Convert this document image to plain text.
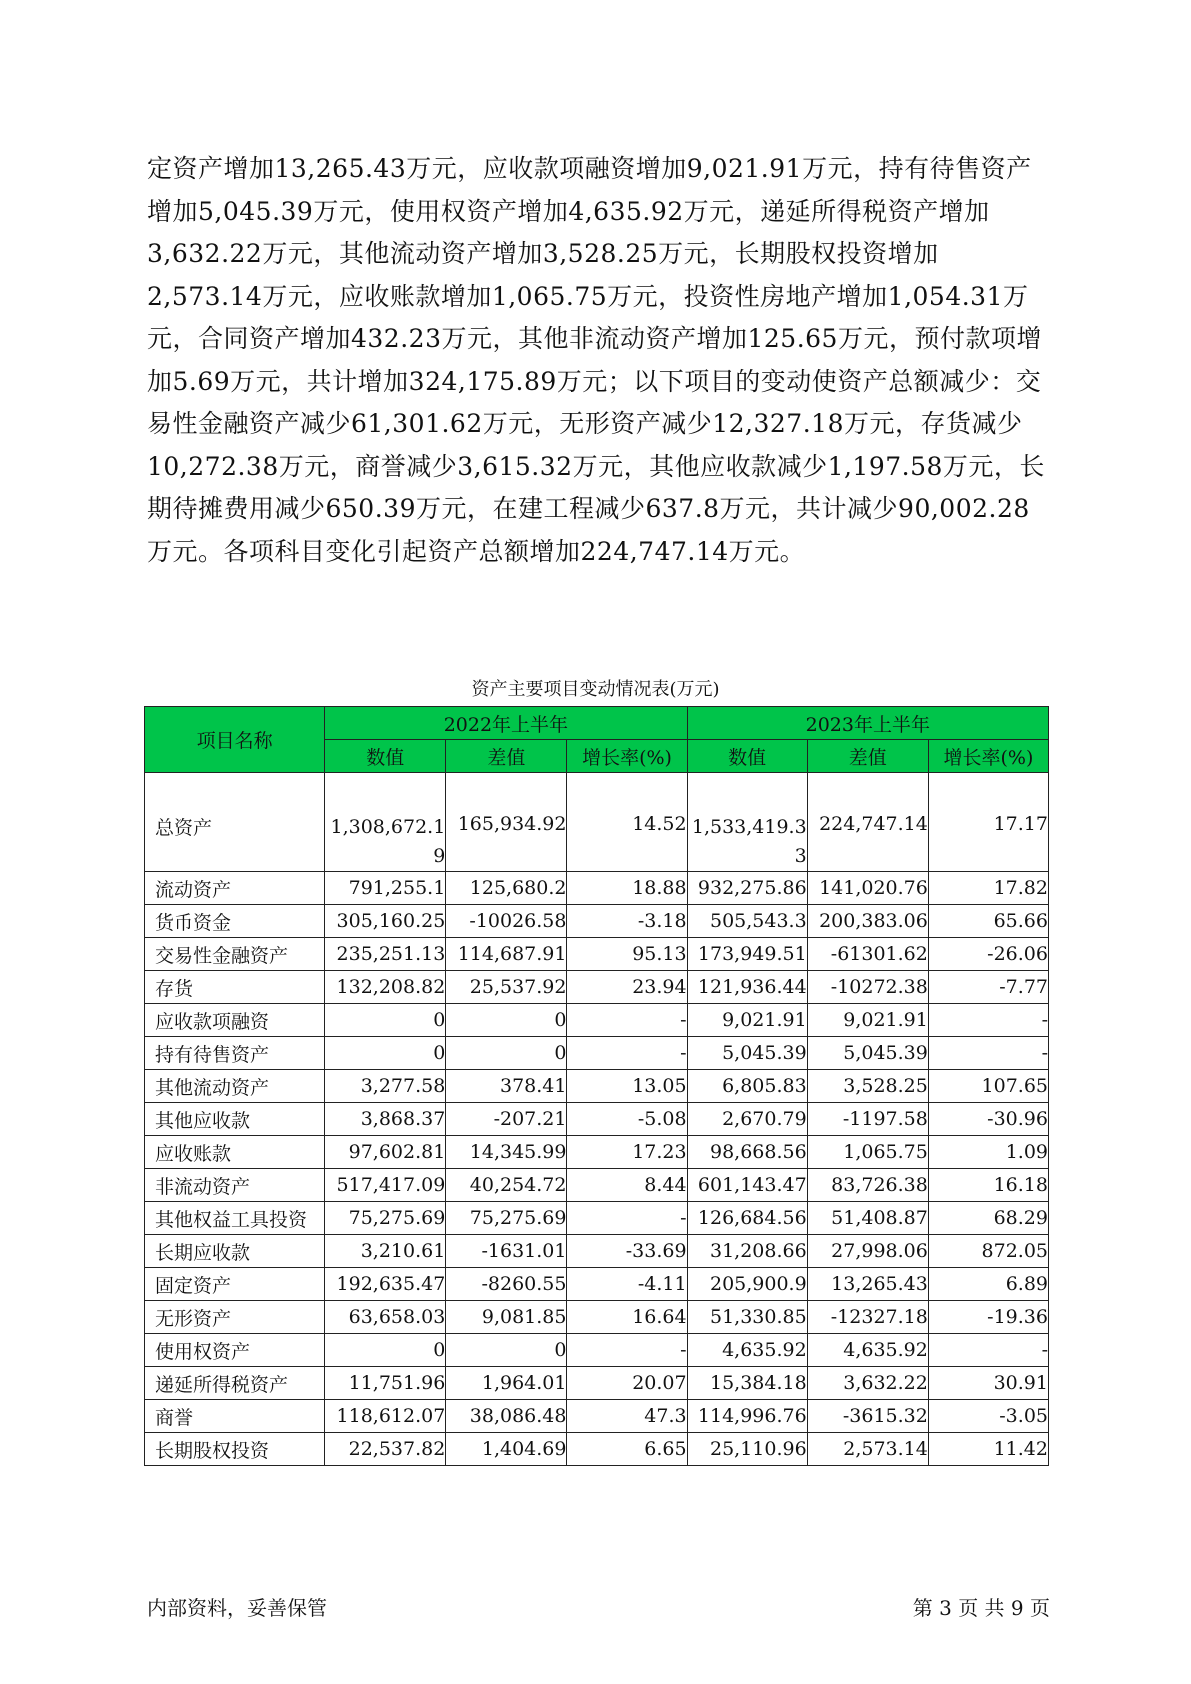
定资产增加13,265.43万元，应收款项融资增加9,021.91万元，持有待售资产增加5,045.39万元，使用权资产增加4,635.92万元，递延所得税资产增加3,632.22万元，其他流动资产增加3,528.25万元，长期股权投资增加2,573.14万元，应收账款增加1,065.75万元，投资性房地产增加1,054.31万元，合同资产增加432.23万元，其他非流动资产增加125.65万元，预付款项增加5.69万元，共计增加324,175.89万元；以下项目的变动使资产总额减少：交易性金融资产减少61,301.62万元，无形资产减少12,327.18万元，存货减少10,272.38万元，商誉减少3,615.32万元，其他应收款减少1,197.58万元，长期待摊费用减少650.39万元，在建工程减少637.8万元，共计减少90,002.28万元。各项科目变化引起资产总额增加224,747.14万元。

资产主要项目变动情况表(万元)
项目名称	2022年上半年			2023年上半年		
	数值	差值	增长率(%)	数值	差值	增长率(%)
总资产	1,308,672.19	165,934.92	14.52	1,533,419.33	224,747.14	17.17
流动资产	791,255.1	125,680.2	18.88	932,275.86	141,020.76	17.82
货币资金	305,160.25	-10026.58	-3.18	505,543.3	200,383.06	65.66
交易性金融资产	235,251.13	114,687.91	95.13	173,949.51	-61301.62	-26.06
存货	132,208.82	25,537.92	23.94	121,936.44	-10272.38	-7.77
应收款项融资	0	0	-	9,021.91	9,021.91	-
持有待售资产	0	0	-	5,045.39	5,045.39	-
其他流动资产	3,277.58	378.41	13.05	6,805.83	3,528.25	107.65
其他应收款	3,868.37	-207.21	-5.08	2,670.79	-1197.58	-30.96
应收账款	97,602.81	14,345.99	17.23	98,668.56	1,065.75	1.09
非流动资产	517,417.09	40,254.72	8.44	601,143.47	83,726.38	16.18
其他权益工具投资	75,275.69	75,275.69	-	126,684.56	51,408.87	68.29
长期应收款	3,210.61	-1631.01	-33.69	31,208.66	27,998.06	872.05
固定资产	192,635.47	-8260.55	-4.11	205,900.9	13,265.43	6.89
无形资产	63,658.03	9,081.85	16.64	51,330.85	-12327.18	-19.36
使用权资产	0	0	-	4,635.92	4,635.92	-
递延所得税资产	11,751.96	1,964.01	20.07	15,384.18	3,632.22	30.91
商誉	118,612.07	38,086.48	47.3	114,996.76	-3615.32	-3.05
长期股权投资	22,537.82	1,404.69	6.65	25,110.96	2,573.14	11.42
内部资料，妥善保管	第 3 页 共 9 页
